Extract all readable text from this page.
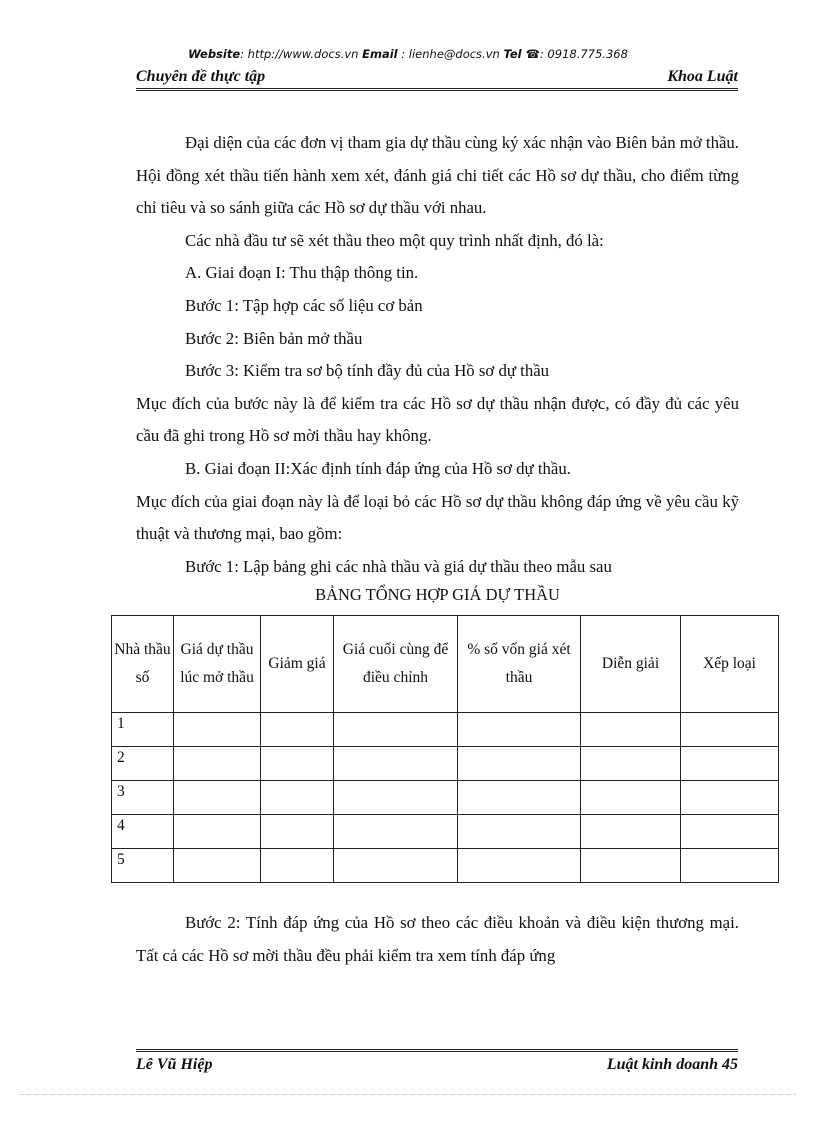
Website: http://www.docs.vn Email : lienhe@docs.vn Tel ☎: 0918.775.368
Chuyên đề thực tập	Khoa Luật

Đại diện của các đơn vị tham gia dự thầu cùng ký xác nhận vào Biên bản mở thầu. Hội đồng xét thầu tiến hành xem xét, đánh giá chi tiết các Hồ sơ dự thầu, cho điểm từng chỉ tiêu và so sánh giữa các Hồ sơ dự thầu với nhau.

Các nhà đầu tư sẽ xét thầu theo một quy trình nhất định, đó là:

A. Giai đoạn I: Thu thập thông tin.

Bước 1: Tập hợp các số liệu cơ bản

Bước 2: Biên bản mở thầu

Bước 3: Kiểm tra sơ bộ tính đầy đủ của Hồ sơ dự thầu

Mục đích của bước này là để kiểm tra các Hồ sơ dự thầu nhận được, có đầy đủ các yêu cầu đã ghi trong Hồ sơ mời thầu hay không.

B. Giai đoạn II:Xác định tính đáp ứng của Hồ sơ dự thầu.

Mục đích của giai đoạn này là để loại bỏ các Hồ sơ dự thầu không đáp ứng về yêu cầu kỹ thuật và thương mại, bao gồm:

Bước 1: Lập bảng ghi các nhà thầu và giá dự thầu theo mẫu sau

BẢNG TỔNG HỢP GIÁ DỰ THẦU
Nhà thầu số	Giá dự thầu lúc mở thầu	Giảm giá	Giá cuối cùng để điều chỉnh	% số vốn giá xét thầu	Diễn giải	Xếp loại
1						
2						
3						
4						
5						

Bước 2: Tính đáp ứng của Hồ sơ theo các điều khoản và điều kiện thương mại. Tất cả các Hồ sơ mời thầu đều phải kiểm tra xem tính đáp ứng

Lê Vũ Hiệp	Luật kinh doanh 45
